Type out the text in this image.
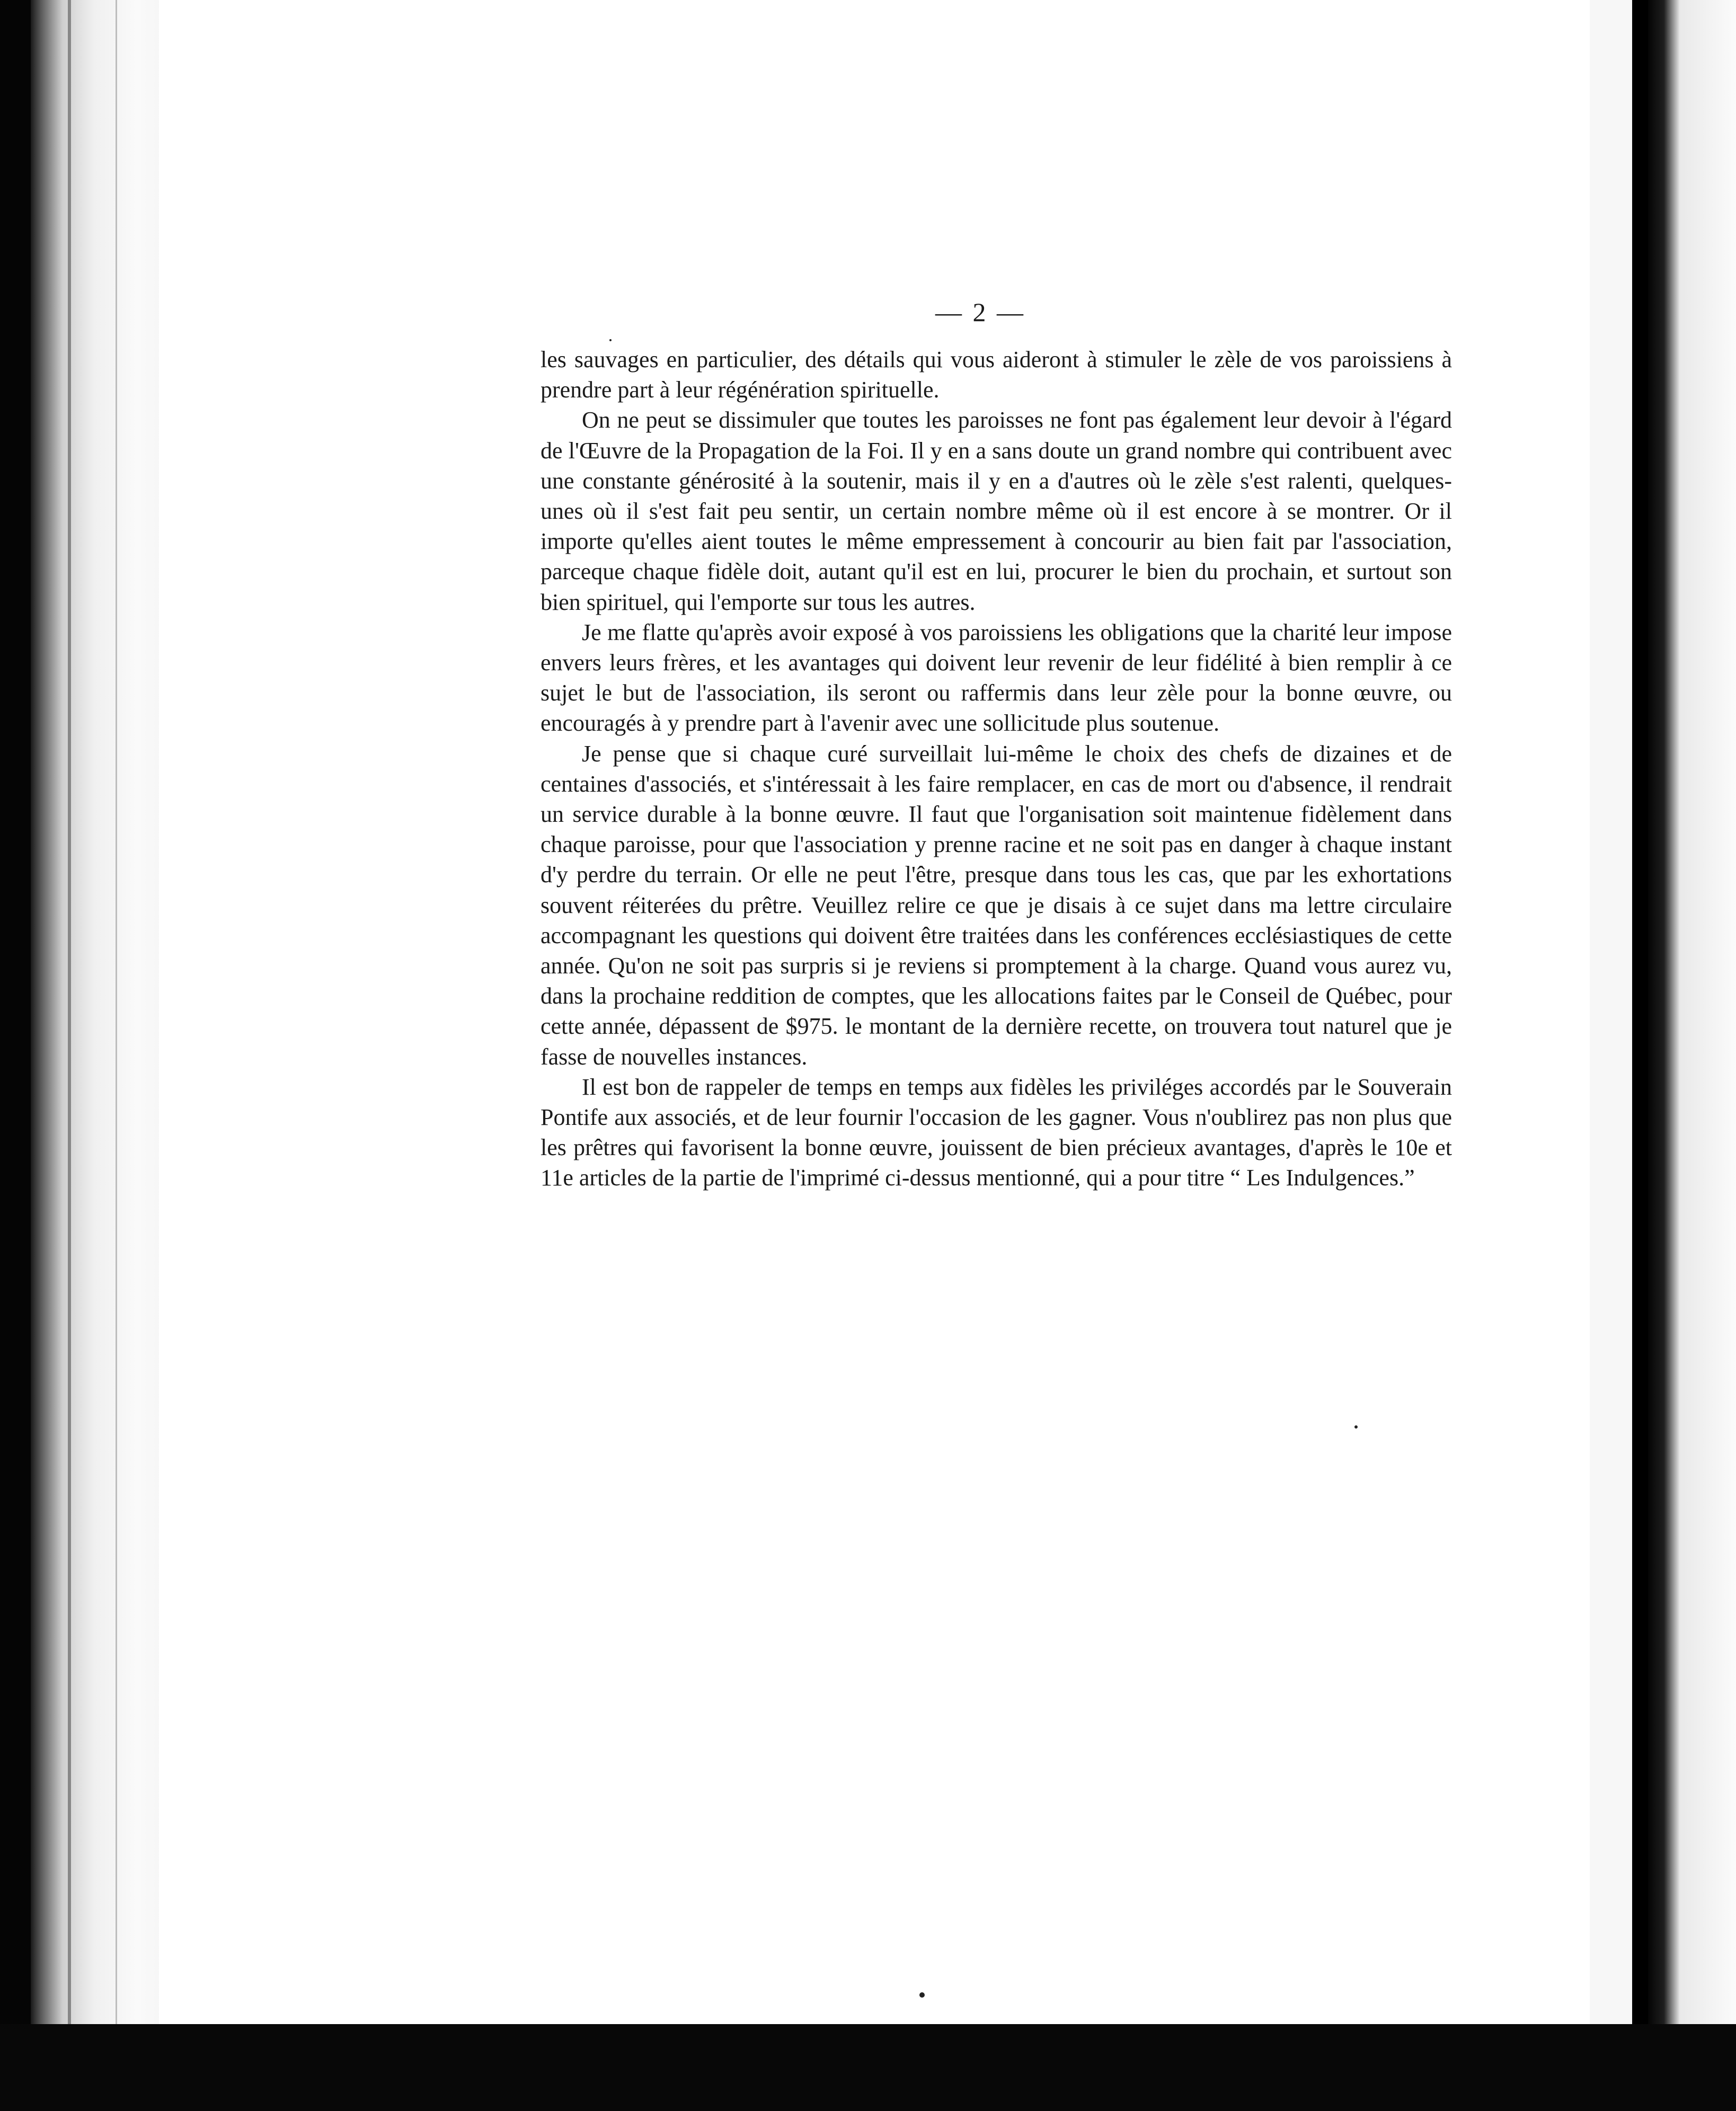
— 2 —

les sauvages en particulier, des détails qui vous aideront à stimuler le zèle de vos paroissiens à prendre part à leur régénération spirituelle.

On ne peut se dissimuler que toutes les paroisses ne font pas également leur devoir à l'égard de l'Œuvre de la Propagation de la Foi. Il y en a sans doute un grand nombre qui contribuent avec une constante générosité à la soutenir, mais il y en a d'autres où le zèle s'est ralenti, quelques-unes où il s'est fait peu sentir, un certain nombre même où il est encore à se montrer. Or il importe qu'elles aient toutes le même empressement à concourir au bien fait par l'association, parceque chaque fidèle doit, autant qu'il est en lui, procurer le bien du prochain, et surtout son bien spirituel, qui l'emporte sur tous les autres.

Je me flatte qu'après avoir exposé à vos paroissiens les obligations que la charité leur impose envers leurs frères, et les avantages qui doivent leur revenir de leur fidélité à bien remplir à ce sujet le but de l'association, ils seront ou raffermis dans leur zèle pour la bonne œuvre, ou encouragés à y prendre part à l'avenir avec une sollicitude plus soutenue.

Je pense que si chaque curé surveillait lui-même le choix des chefs de dizaines et de centaines d'associés, et s'intéressait à les faire remplacer, en cas de mort ou d'absence, il rendrait un service durable à la bonne œuvre. Il faut que l'organisation soit maintenue fidèlement dans chaque paroisse, pour que l'association y prenne racine et ne soit pas en danger à chaque instant d'y perdre du terrain. Or elle ne peut l'être, presque dans tous les cas, que par les exhortations souvent réiterées du prêtre. Veuillez relire ce que je disais à ce sujet dans ma lettre circulaire accompagnant les questions qui doivent être traitées dans les conférences ecclésiastiques de cette année. Qu'on ne soit pas surpris si je reviens si promptement à la charge. Quand vous aurez vu, dans la prochaine reddition de comptes, que les allocations faites par le Conseil de Québec, pour cette année, dépassent de $975. le montant de la dernière recette, on trouvera tout naturel que je fasse de nouvelles instances.

Il est bon de rappeler de temps en temps aux fidèles les priviléges accordés par le Souverain Pontife aux associés, et de leur fournir l'occasion de les gagner. Vous n'oublirez pas non plus que les prêtres qui favorisent la bonne œuvre, jouissent de bien précieux avantages, d'après le 10e et 11e articles de la partie de l'imprimé ci-dessus mentionné, qui a pour titre “ Les Indulgences.”
